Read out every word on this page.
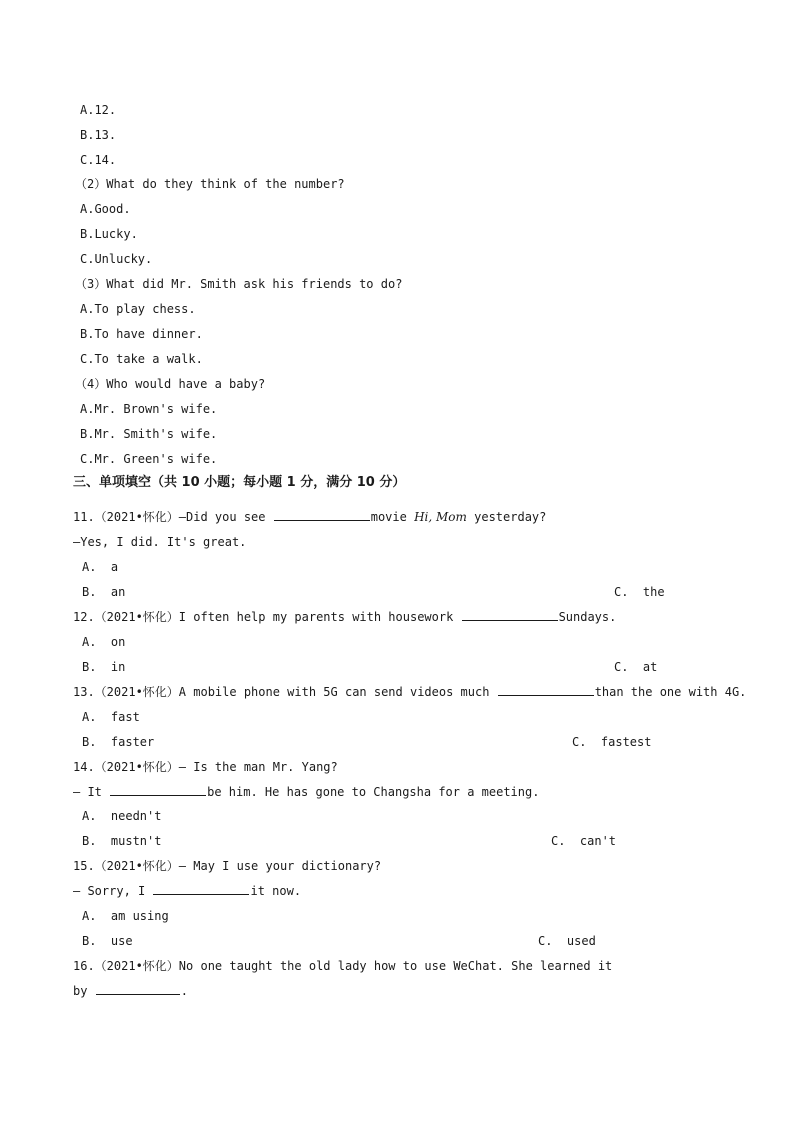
A.12.
B.13.
C.14.
（2）What do they think of the number?
A.Good.
B.Lucky.
C.Unlucky.
（3）What did Mr. Smith ask his friends to do?
A.To play chess.
B.To have dinner.
C.To take a walk.
（4）Who would have a baby?
A.Mr. Brown's wife.
B.Mr. Smith's wife.
C.Mr. Green's wife.
三、单项填空（共 10 小题；每小题 1 分，满分 10 分）
11.（2021•怀化）—Did you see	movie Hi, Mom yesterday?
—Yes, I did. It's great.
A.  a
B.  an	C.  the
12.（2021•怀化）I often help my parents with housework	Sundays.
A.  on
B.  in	C.  at
13.（2021•怀化）A mobile phone with 5G can send videos much	than the one with 4G.
A.  fast
B.  faster	C.  fastest
14.（2021•怀化）— Is the man Mr. Yang?
— It	be him. He has gone to Changsha for a meeting.
A.  needn't
B.  mustn't	C.  can't
15.（2021•怀化）— May I use your dictionary?
— Sorry, I	it now.
A.  am using
B.  use	C.  used
16.（2021•怀化）No one taught the old lady how to use WeChat. She learned it
by	.
